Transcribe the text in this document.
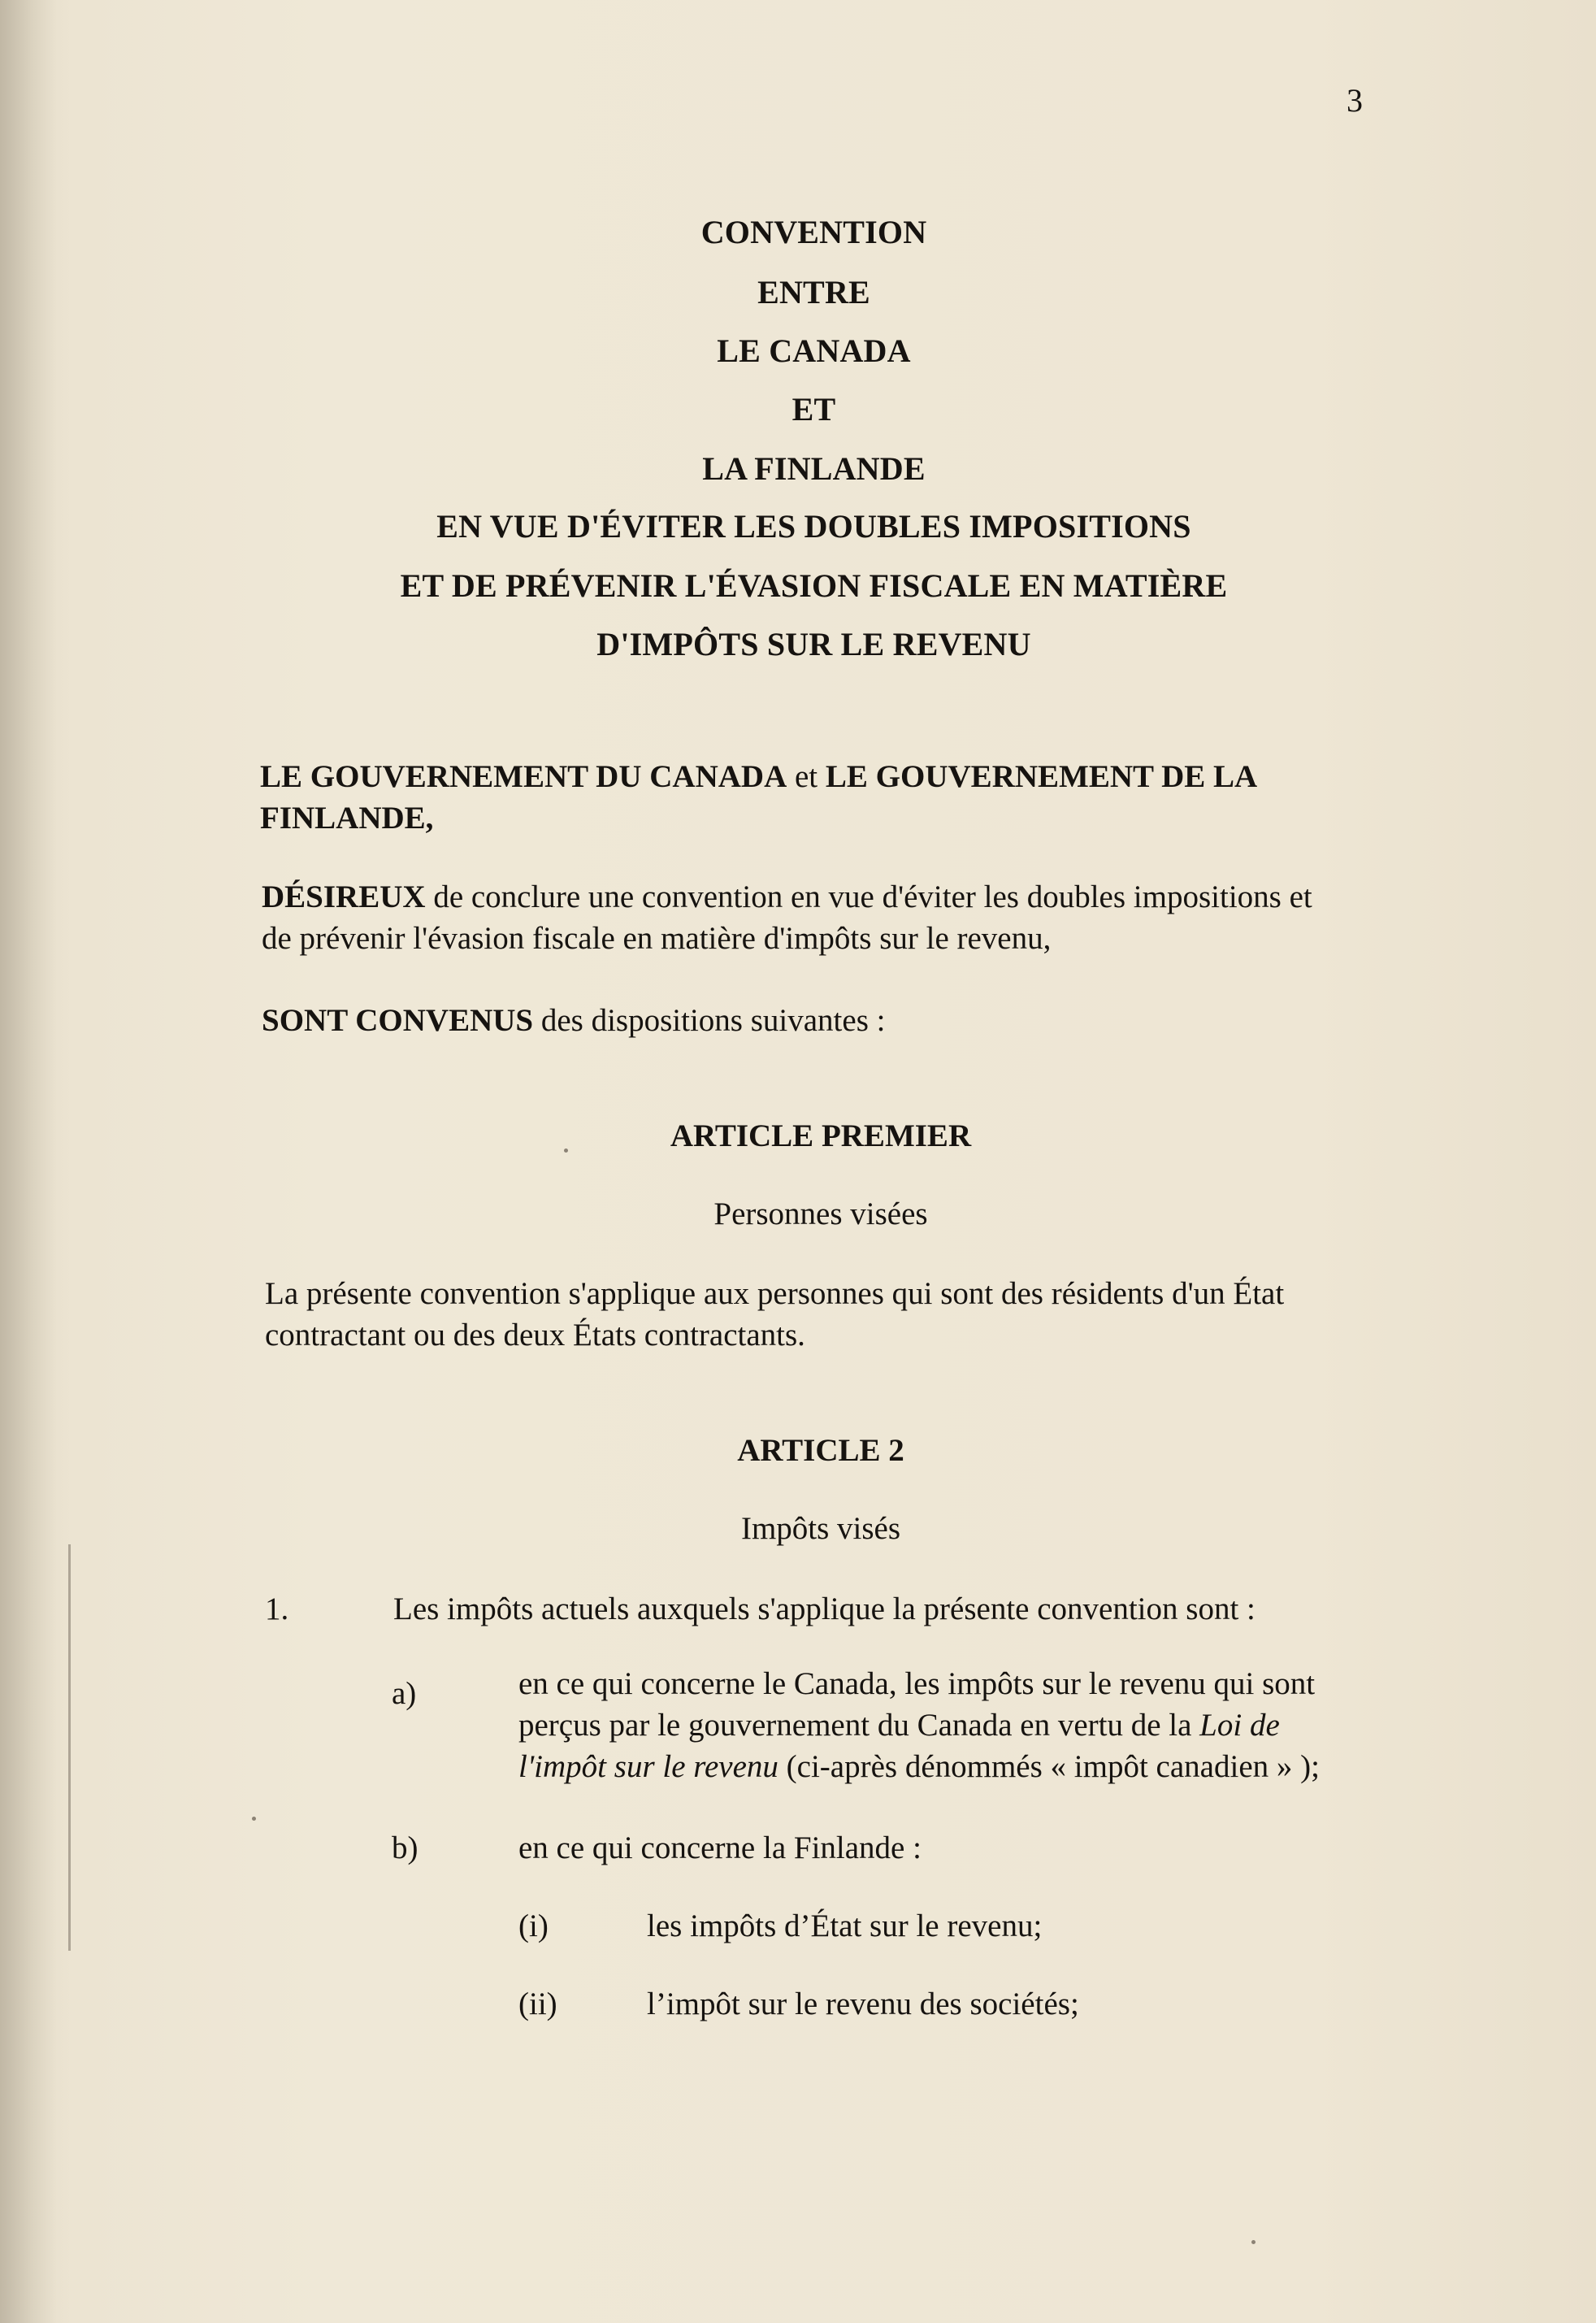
3
CONVENTION
ENTRE
LE CANADA
ET
LA FINLANDE
EN VUE D'ÉVITER LES DOUBLES IMPOSITIONS
ET DE PRÉVENIR L'ÉVASION FISCALE EN MATIÈRE
D'IMPÔTS SUR LE REVENU
LE GOUVERNEMENT DU CANADA et LE GOUVERNEMENT DE LA
FINLANDE,
DÉSIREUX de conclure une convention en vue d'éviter les doubles impositions et
de prévenir l'évasion fiscale en matière d'impôts sur le revenu,
SONT CONVENUS des dispositions suivantes :
ARTICLE PREMIER
Personnes visées
La présente convention s'applique aux personnes qui sont des résidents d'un État
contractant ou des deux États contractants.
ARTICLE 2
Impôts visés
1.	Les impôts actuels auxquels s'applique la présente convention sont :
a)	en ce qui concerne le Canada, les impôts sur le revenu qui sont
perçus par le gouvernement du Canada en vertu de la Loi de
l'impôt sur le revenu (ci-après dénommés « impôt canadien » );
b)	en ce qui concerne la Finlande :
(i)	les impôts d’État sur le revenu;
(ii)	l’impôt sur le revenu des sociétés;
